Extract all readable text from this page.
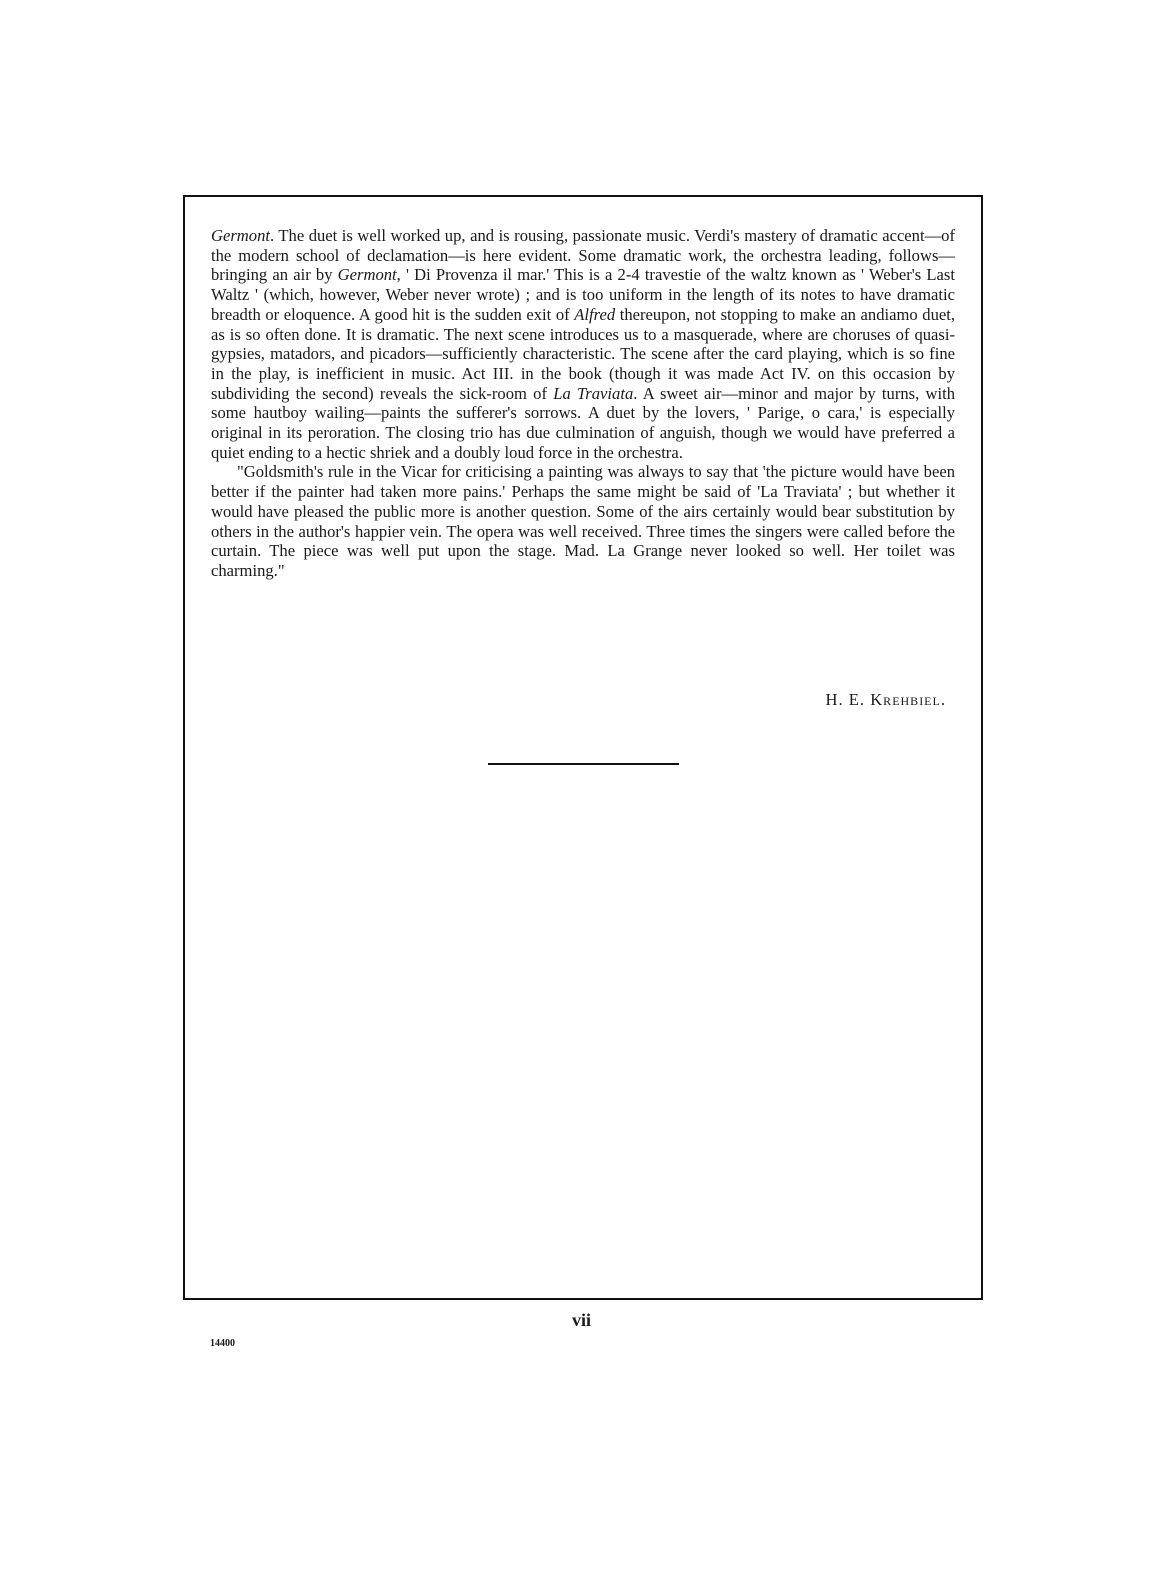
Germont. The duet is well worked up, and is rousing, passionate music. Verdi's mastery of dramatic accent—of the modern school of declamation—is here evident. Some dramatic work, the orchestra leading, follows—bringing an air by Germont, ' Di Provenza il mar.' This is a 2-4 travestie of the waltz known as ' Weber's Last Waltz ' (which, however, Weber never wrote) ; and is too uniform in the length of its notes to have dramatic breadth or eloquence. A good hit is the sudden exit of Alfred thereupon, not stopping to make an andiamo duet, as is so often done. It is dramatic. The next scene introduces us to a masquerade, where are choruses of quasi-gypsies, matadors, and picadors—sufficiently characteristic. The scene after the card playing, which is so fine in the play, is inefficient in music. Act III. in the book (though it was made Act IV. on this occasion by subdividing the second) reveals the sick-room of La Traviata. A sweet air—minor and major by turns, with some hautboy wailing—paints the sufferer's sorrows. A duet by the lovers, ' Parige, o cara,' is especially original in its peroration. The closing trio has due culmination of anguish, though we would have preferred a quiet ending to a hectic shriek and a doubly loud force in the orchestra.

"Goldsmith's rule in the Vicar for criticising a painting was always to say that 'the picture would have been better if the painter had taken more pains.' Perhaps the same might be said of 'La Traviata' ; but whether it would have pleased the public more is another question. Some of the airs certainly would bear substitution by others in the author's happier vein. The opera was well received. Three times the singers were called before the curtain. The piece was well put upon the stage. Mad. La Grange never looked so well. Her toilet was charming."

H. E. Krehbiel.
vii
14400
